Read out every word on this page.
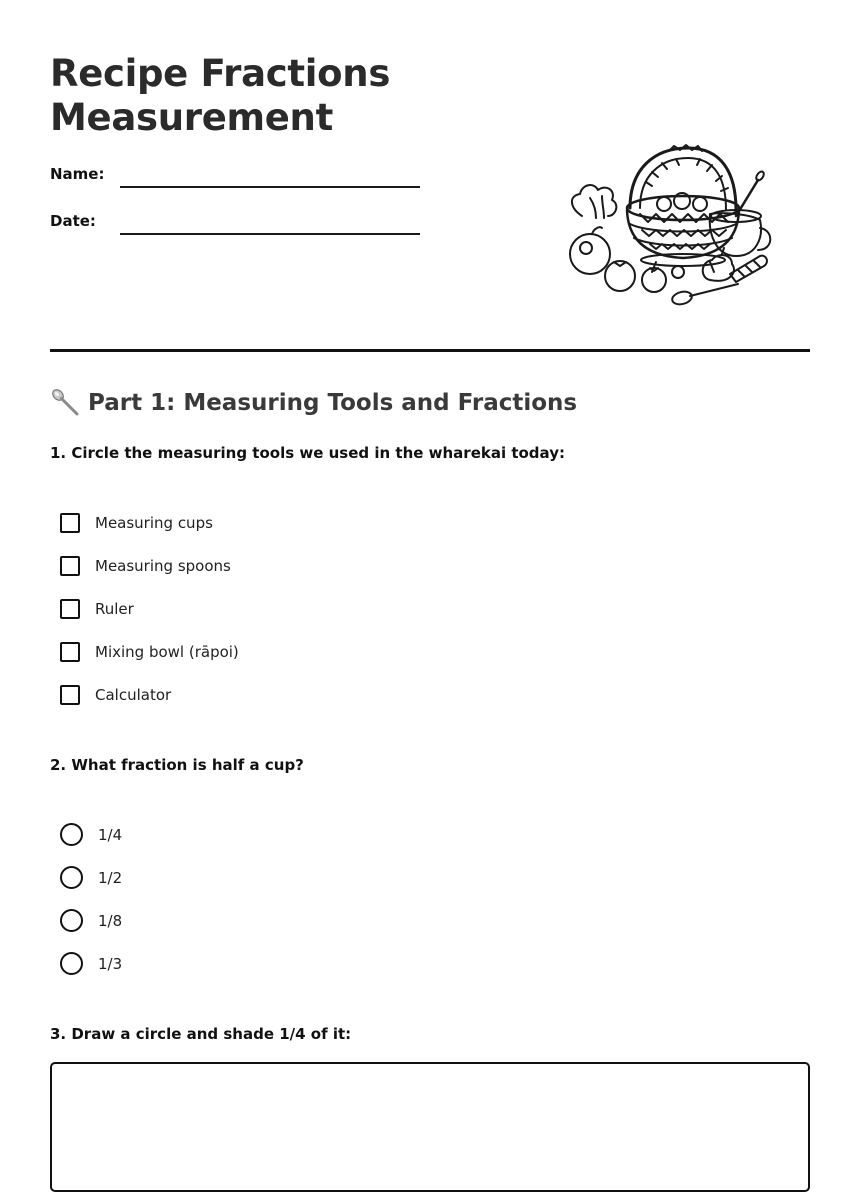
Recipe Fractions
Measurement
Name:
Date:
Part 1: Measuring Tools and Fractions

1. Circle the measuring tools we used in the wharekai today:

Measuring cups
Measuring spoons
Ruler
Mixing bowl (rāpoi)
Calculator

2. What fraction is half a cup?

1/4
1/2
1/8
1/3

3. Draw a circle and shade 1/4 of it:
